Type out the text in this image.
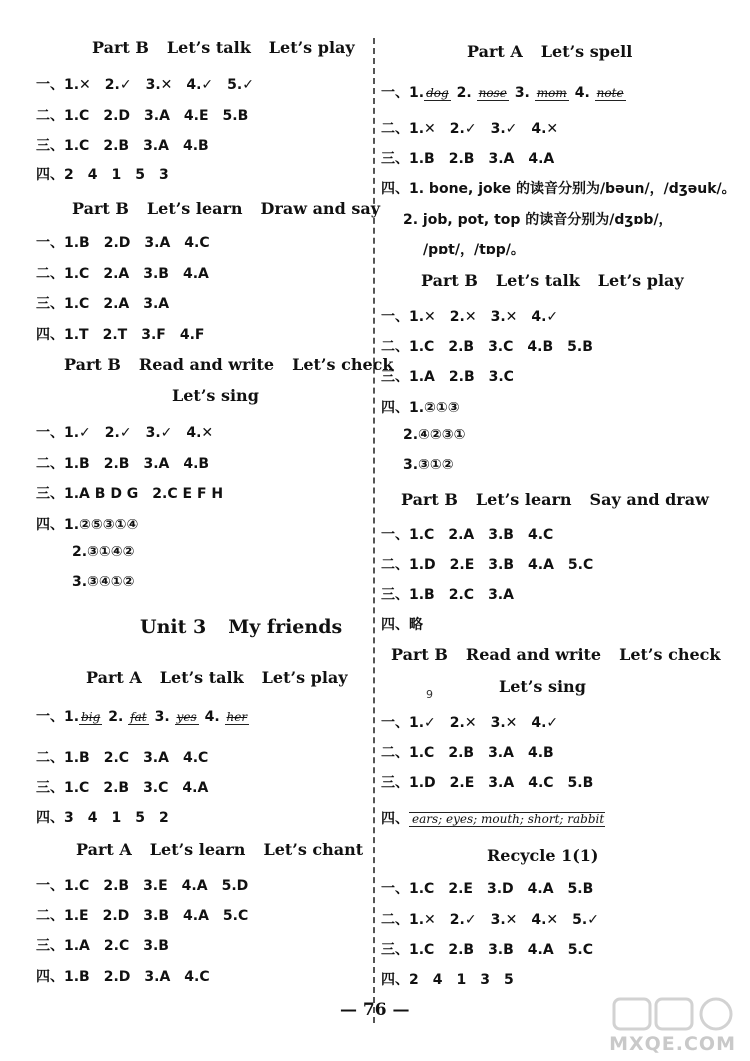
Part B Let’s talk Let’s play
一、1.✕　2.✓　3.✕　4.✓　5.✓
二、1.C　2.D　3.A　4.E　5.B
三、1.C　2.B　3.A　4.B
四、2　4　1　5　3
Part B Let’s learn Draw and say
一、1.B　2.D　3.A　4.C
二、1.C　2.A　3.B　4.A
三、1.C　2.A　3.A
四、1.T　2.T　3.F　4.F
Part B Read and write Let’s check
Let’s sing
一、1.✓　2.✓　3.✓　4.✕
二、1.B　2.B　3.A　4.B
三、1.A B D G　2.C E F H
四、1.②⑤③①④
2.③①④②
3.③④①②
Unit 3 My friends
Part A Let’s talk Let’s play
一、1. big 2. fat 3. yes 4. her
二、1.B　2.C　3.A　4.C
三、1.C　2.B　3.C　4.A
四、3　4　1　5　2
Part A Let’s learn Let’s chant
一、1.C　2.B　3.E　4.A　5.D
二、1.E　2.D　3.B　4.A　5.C
三、1.A　2.C　3.B
四、1.B　2.D　3.A　4.C
Part A Let’s spell
一、1. dog 2. nose 3. mom 4. note
二、1.✕　2.✓　3.✓　4.✕
三、1.B　2.B　3.A　4.A
四、1. bone, joke 的读音分别为/bəun/，/dʒəuk/。
2. job, pot, top 的读音分别为/dʒɒb/，
/pɒt/，/tɒp/。
Part B Let’s talk Let’s play
一、1.✕　2.✕　3.✕　4.✓
二、1.C　2.B　3.C　4.B　5.B
三、1.A　2.B　3.C
四、1.②①③
2.④②③①
3.③①②
Part B Let’s learn Say and draw
一、1.C　2.A　3.B　4.C
二、1.D　2.E　3.B　4.A　5.C
三、1.B　2.C　3.A
四、略
Part B Read and write Let’s check
Let’s sing
一、1.✓　2.✕　3.✕　4.✓
二、1.C　2.B　3.A　4.B
三、1.D　2.E　3.A　4.C　5.B
四、 ears; eyes; mouth; short; rabbit
Recycle 1(1)
一、1.C　2.E　3.D　4.A　5.B
二、1.✕　2.✓　3.✕　4.✕　5.✓
三、1.C　2.B　3.B　4.A　5.C
四、2　4　1　3　5
9
— 76 —
MXQE.COM
